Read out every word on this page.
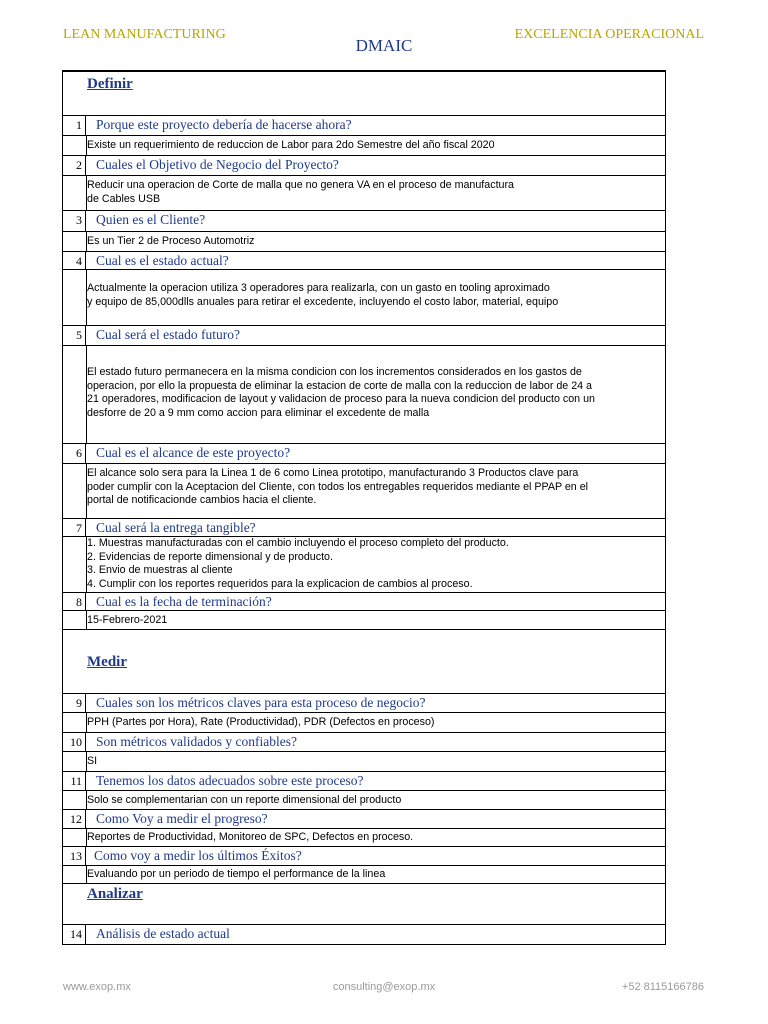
LEAN MANUFACTURING
DMAIC
EXCELENCIA OPERACIONAL
Definir
1 Porque este proyecto debería de hacerse ahora?
Existe un requerimiento de reduccion de Labor para 2do Semestre del año fiscal 2020
2 Cuales el Objetivo de Negocio del Proyecto?
Reducir una operacion de Corte de malla que no genera VA en el proceso de manufactura
de Cables USB
3 Quien es el Cliente?
Es un Tier 2 de Proceso Automotriz
4 Cual es el estado actual?
Actualmente la operacion utiliza 3 operadores para realizarla, con un gasto en tooling aproximado
y equipo de 85,000dlls anuales para retirar el excedente, incluyendo el costo labor, material, equipo
5 Cual será el estado futuro?
El estado futuro permanecera en la misma condicion con los incrementos considerados en los gastos de
operacion, por ello la propuesta de eliminar la estacion de corte de malla con la reduccion de labor de 24 a
21 operadores, modificacion de layout y validacion de proceso para la nueva condicion del producto con un
desforre de 20 a 9 mm como accion para eliminar el excedente de malla
6 Cual es el alcance de este proyecto?
El alcance solo sera para la Linea 1 de 6 como Linea prototipo, manufacturando 3 Productos clave para
poder cumplir con la Aceptacion del Cliente, con todos los entregables requeridos mediante el PPAP en el
portal de notificacionde cambios hacia el cliente.
7 Cual será la entrega tangible?
1. Muestras manufacturadas con el cambio incluyendo el proceso completo del producto.
2. Evidencias de reporte dimensional y de producto.
3. Envio de muestras al cliente
4. Cumplir con los reportes requeridos para la explicacion de cambios al proceso.
8 Cual es la fecha de terminación?
15-Febrero-2021
Medir
9 Cuales son los métricos claves para esta proceso de negocio?
PPH (Partes por Hora), Rate (Productividad), PDR (Defectos en proceso)
10 Son métricos validados y confiables?
SI
11 Tenemos los datos adecuados sobre este proceso?
Solo se complementarian con un reporte dimensional del producto
12 Como Voy a medir el progreso?
Reportes de Productividad, Monitoreo de SPC, Defectos en proceso.
13 Como voy a medir los últimos Éxitos?
Evaluando por un periodo de tiempo el performance de la linea
Analizar
14 Análisis de estado actual
www.exop.mx	consulting@exop.mx	+52 8115166786
